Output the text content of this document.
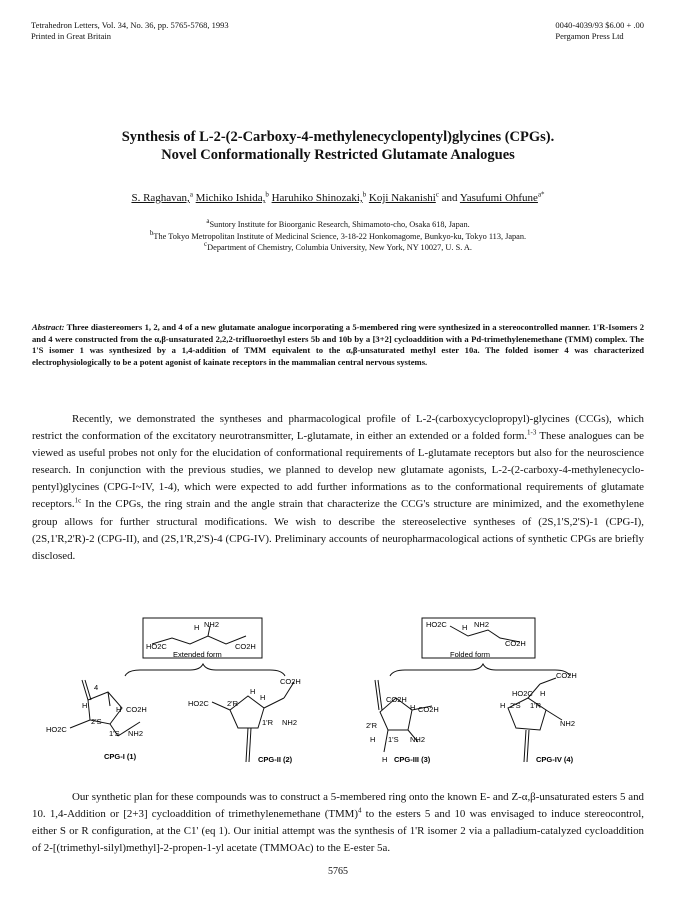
Tetrahedron Letters, Vol. 34, No. 36, pp. 5765-5768, 1993
Printed in Great Britain
0040-4039/93 $6.00 + .00
Pergamon Press Ltd
Synthesis of L-2-(2-Carboxy-4-methylenecyclopentyl)glycines (CPGs).
Novel Conformationally Restricted Glutamate Analogues
S. Raghavan,$^a$ Michiko Ishida,$^b$ Haruhiko Shinozaki,$^b$ Koji Nakanishi$^c$ and Yasufumi Ohfune$^{a*}$
$^a$Suntory Institute for Bioorganic Research, Shimamoto-cho, Osaka 618, Japan.
$^b$The Tokyo Metropolitan Institute of Medicinal Science, 3-18-22 Honkomagome, Bunkyo-ku, Tokyo 113, Japan.
$^c$Department of Chemistry, Columbia University, New York, NY 10027, U. S. A.
Abstract: Three diastereomers 1, 2, and 4 of a new glutamate analogue incorporating a 5-membered ring were synthesized in a stereocontrolled manner. 1'R-Isomers 2 and 4 were constructed from the α,β-unsaturated 2,2,2-trifluoroethyl esters 5b and 10b by a [3+2] cycloaddition with a Pd-trimethylenemethane (TMM) complex. The 1'S isomer 1 was synthesized by a 1,4-addition of TMM equivalent to the α,β-unsaturated methyl ester 10a. The folded isomer 4 was characterized electrophysiologically to be a potent agonist of kainate receptors in the mammalian central nervous systems.

Recently, we demonstrated the syntheses and pharmacological profile of L-2-(carboxycyclopropyl)-glycines (CCGs), which restrict the conformation of the excitatory neurotransmitter, L-glutamate, in either an extended or a folded form.$^{1-3}$ These analogues can be viewed as useful probes not only for the elucidation of conformational requirements of L-glutamate receptors but also for the neuroscience research. In conjunction with the previous studies, we planned to develop new glutamate agonists, L-2-(2-carboxy-4-methylenecyclo-pentyl)glycines (CPG-I~IV, 1-4), which were expected to add further informations as to the conformational requirements of glutamate receptors.$^{1c}$ In the CPGs, the ring strain and the angle strain that characterize the CCG's structure are minimized, and the exomethylene group allows for further structural modifications. We wish to describe the stereoselective syntheses of (2S,1'S,2'S)-1 (CPG-I), (2S,1'R,2'R)-2 (CPG-II), and (2S,1'R,2'S)-4 (CPG-IV). Preliminary accounts of neuropharmacological actions of synthetic CPGs are briefly disclosed.

NH2
H
HO2C	CO2H
Extended form
HO2C H NH2
CO2H
Folded form
4
H	H CO2H
HO2C
2'S
1'S NH2
CPG-I (1)
HO2C 2'R
H
CO2H
1'R NH2
H
CPG-II (2)
CO2H
H CO2H
2'R
1'S NH2
H
H CPG-III (3)
HO2C H
CO2H
2'S 1'R
NH2
H
CPG-IV (4)

Our synthetic plan for these compounds was to construct a 5-membered ring onto the known E- and Z-α,β-unsaturated esters 5 and 10. 1,4-Addition or [2+3] cycloaddition of trimethylenemethane (TMM)$^4$ to the esters 5 and 10 was envisaged to induce stereocontrol, either S or R configuration, at the C1' (eq 1). Our initial attempt was the synthesis of 1'R isomer 2 via a palladium-catalyzed cycloaddition of 2-[(trimethyl-silyl)methyl]-2-propen-1-yl acetate (TMMOAc) to the E-ester 5a.

5765
